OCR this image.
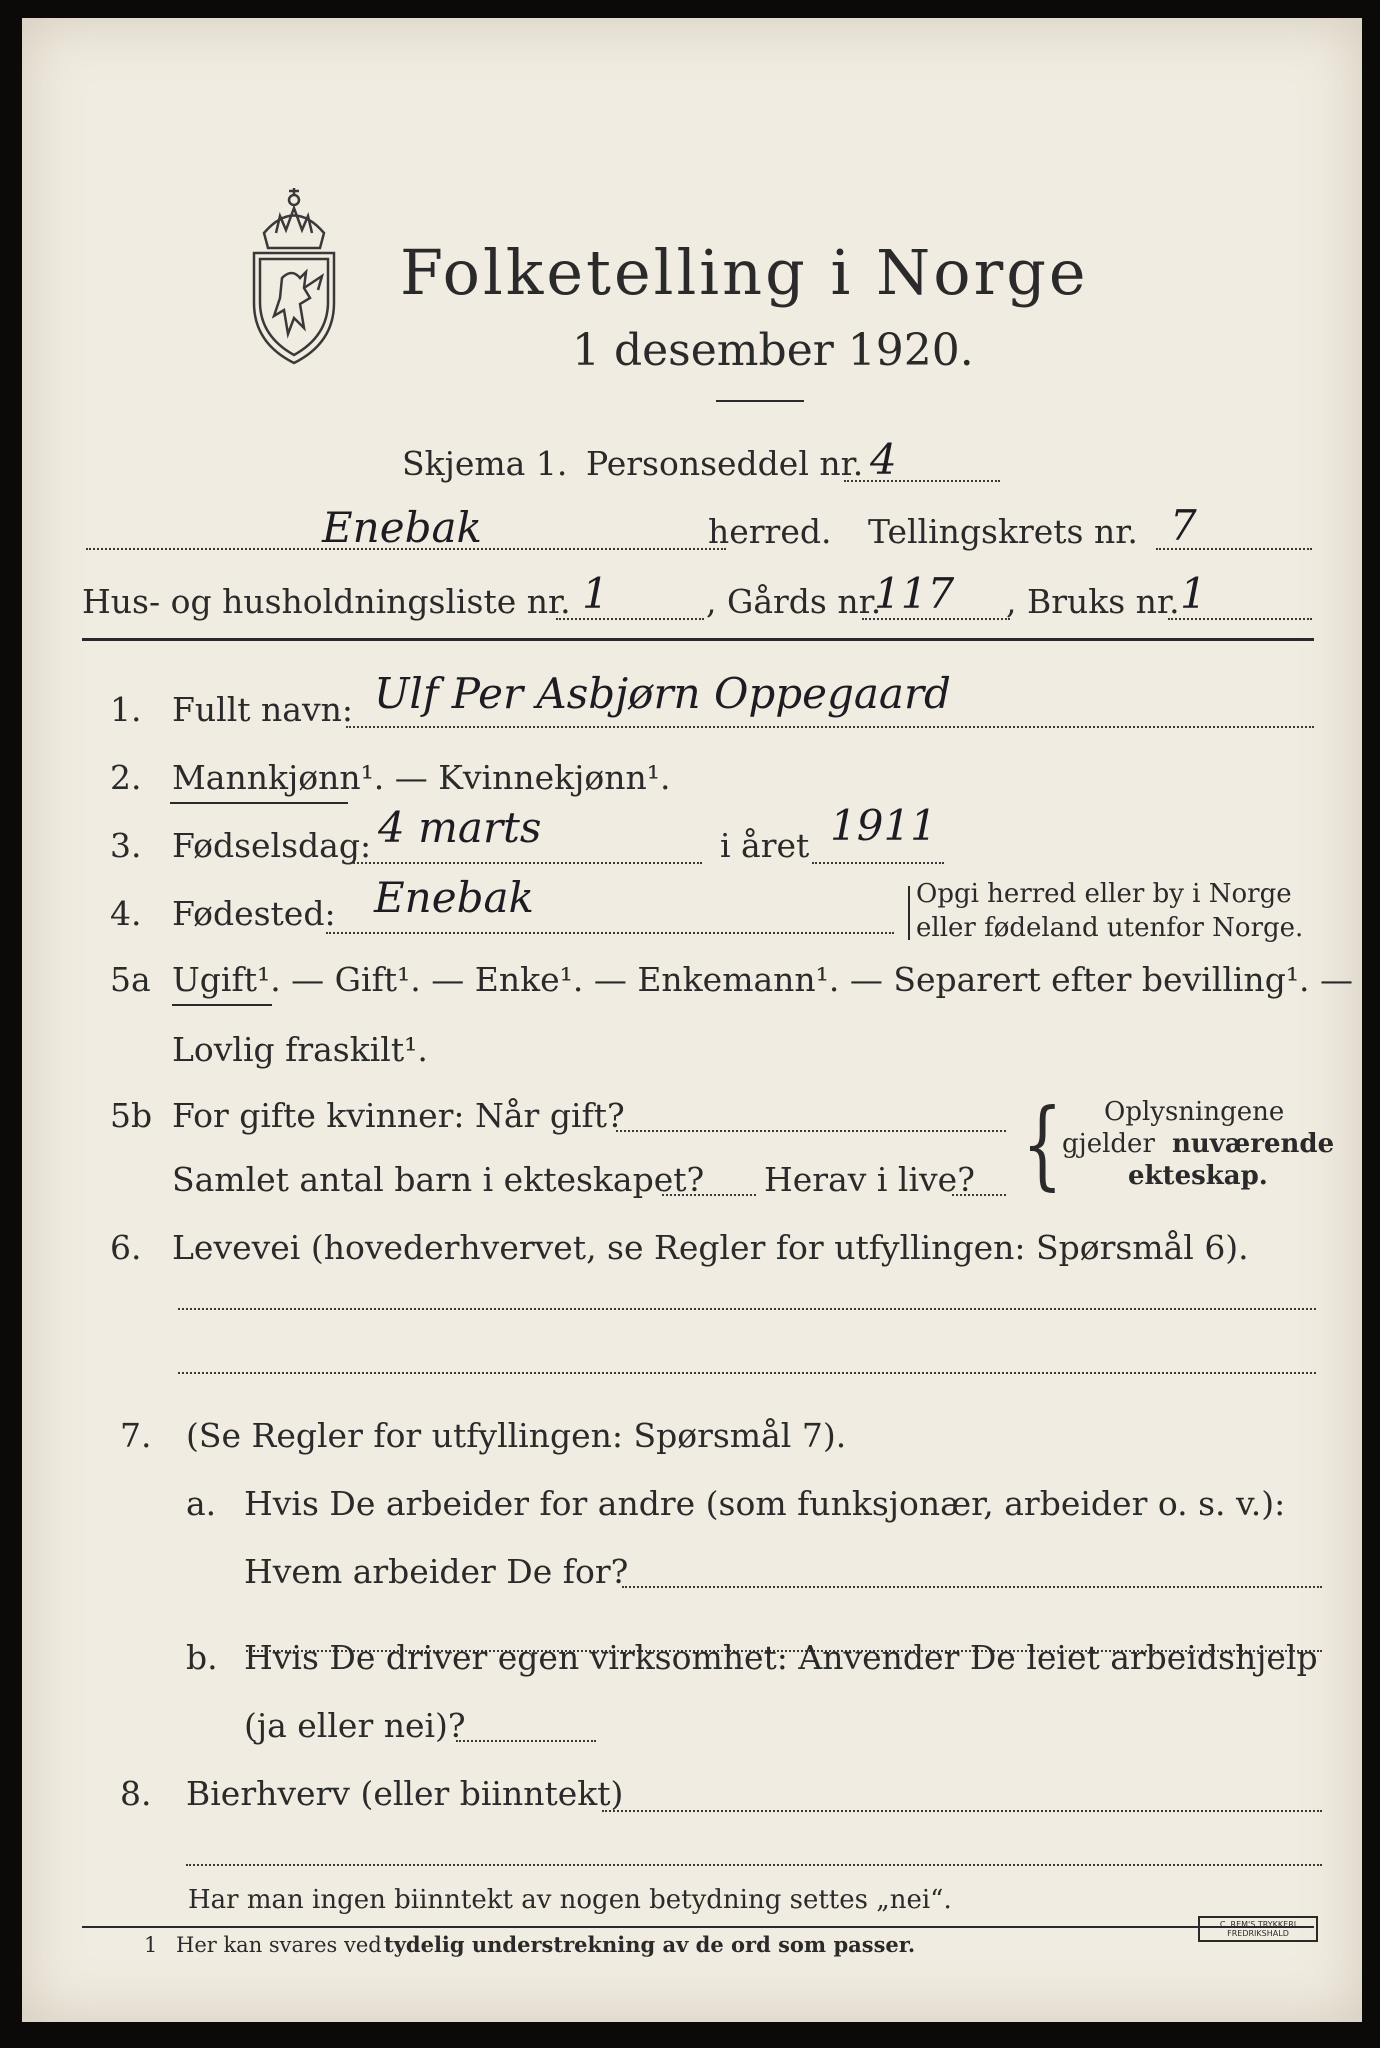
Folketelling i Norge
1 desember 1920.
Skjema 1. Personseddel nr. 4
Enebak	herred. Tellingskrets nr. 7
Hus- og husholdningsliste nr. 1	, Gårds nr.
117 , Bruks nr. 1
1. Fullt navn: Ulf Per Asbjørn Oppegaard
2. Mannkjønn¹. — Kvinnekjønn¹.
3. Fødselsdag: 4 marts	i året 1911
4. Fødested: Enebak	Opgi herred eller by i Norge
eller fødeland utenfor Norge.
5a Ugift¹. — Gift¹. — Enke¹. — Enkemann¹. — Separert efter bevilling¹. —
Lovlig fraskilt¹.
5b For gifte kvinner: Når gift?
Samlet antal barn i ekteskapet? Herav i live? { Oplysningene
gjelder nuværende
ekteskap.
6. Levevei (hovederhvervet, se Regler for utfyllingen: Spørsmål 6).
7. (Se Regler for utfyllingen: Spørsmål 7).
a. Hvis De arbeider for andre (som funksjonær, arbeider o. s. v.):
Hvem arbeider De for?
b. Hvis De driver egen virksomhet: Anvender De leiet arbeidshjelp
(ja eller nei)?
8. Bierhverv (eller biinntekt)
Har man ingen biinntekt av nogen betydning settes „nei“.
1 Her kan svares ved tydelig understrekning av de ord som passer.
C. REM'S TRYKKERI
FREDRIKSHALD
